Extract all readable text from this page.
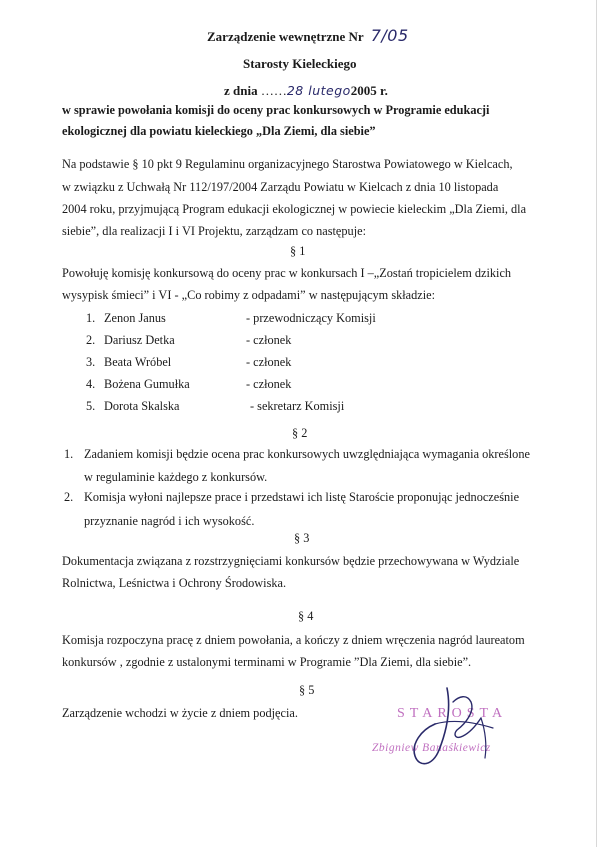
Zarządzenie wewnętrzne Nr 7/05
Starosty Kieleckiego
z dnia ……28 lutego2005 r.
w sprawie powołania komisji do oceny prac konkursowych w Programie edukacji
ekologicznej dla powiatu kieleckiego „Dla Ziemi, dla siebie”
Na podstawie § 10 pkt 9 Regulaminu organizacyjnego Starostwa Powiatowego w Kielcach,
w związku z Uchwałą Nr 112/197/2004 Zarządu Powiatu w Kielcach z dnia 10 listopada
2004 roku, przyjmującą Program edukacji ekologicznej w powiecie kieleckim „Dla Ziemi, dla
siebie”, dla realizacji I i VI Projektu, zarządzam co następuje:
§ 1
Powołuję komisję konkursową do oceny prac w konkursach I –„Zostań tropicielem dzikich
wysypisk śmieci” i VI - „Co robimy z odpadami” w następującym składzie:
1. Zenon Janus	- przewodniczący Komisji
2. Dariusz Detka	- członek
3. Beata Wróbel	- członek
4. Bożena Gumułka	- członek
5. Dorota Skalska	- sekretarz Komisji
§ 2
1. Zadaniem komisji będzie ocena prac konkursowych uwzględniająca wymagania określone
w regulaminie każdego z konkursów.
2. Komisja wyłoni najlepsze prace i przedstawi ich listę Staroście proponując jednocześnie
przyznanie nagród i ich wysokość.
§ 3
Dokumentacja związana z rozstrzygnięciami konkursów będzie przechowywana w Wydziale
Rolnictwa, Leśnictwa i Ochrony Środowiska.
§ 4
Komisja rozpoczyna pracę z dniem powołania, a kończy z dniem wręczenia nagród laureatom
konkursów , zgodnie z ustalonymi terminami w Programie ”Dla Ziemi, dla siebie”.
§ 5
Zarządzenie wchodzi w życie z dniem podjęcia.	STAROSTA
Zbigniew Banaśkiewicz
